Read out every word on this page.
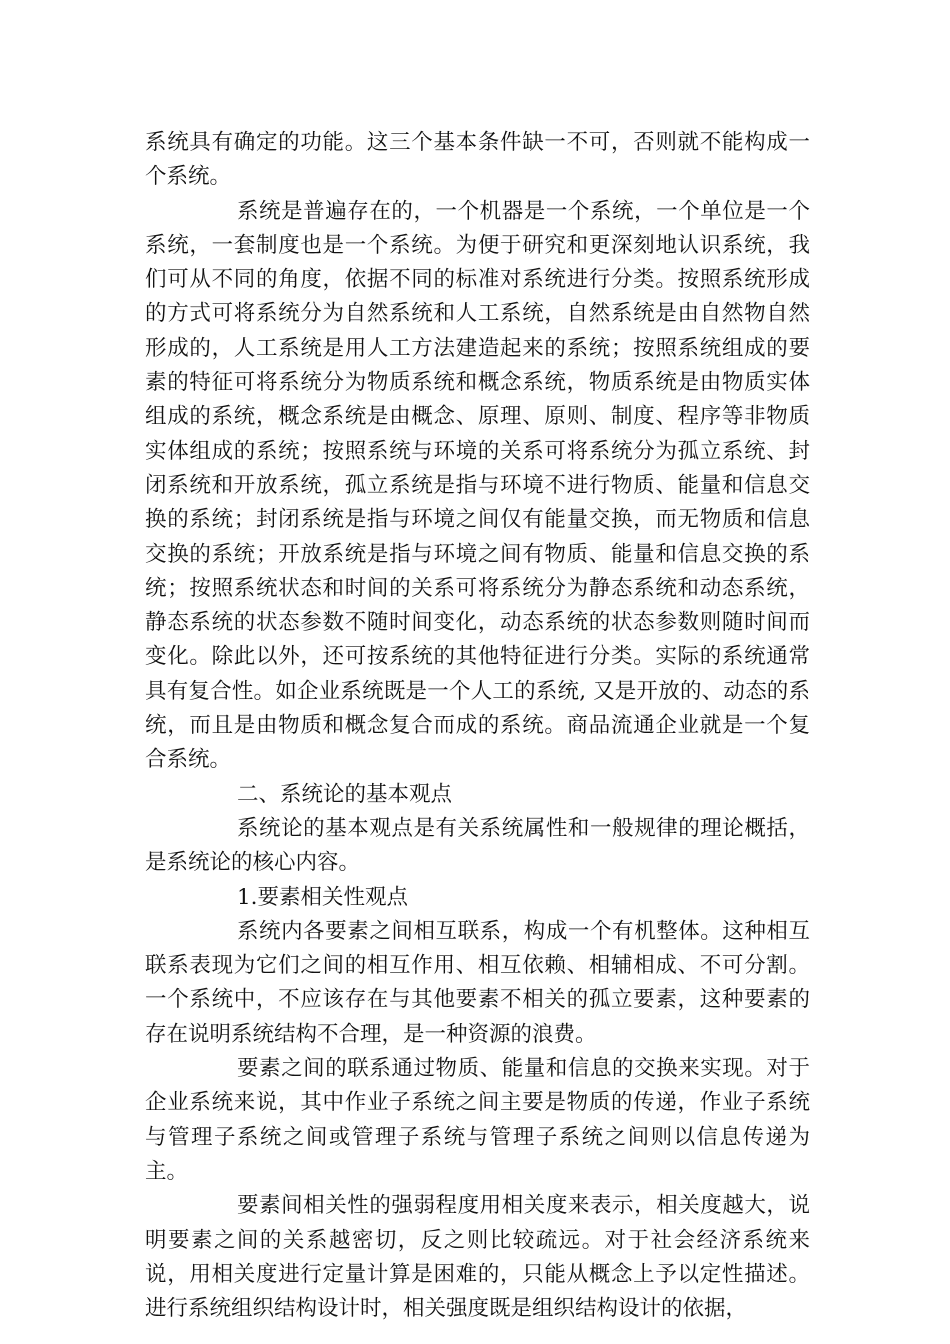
系统具有确定的功能。这三个基本条件缺一不可，否则就不能构成一个系统。

系统是普遍存在的，一个机器是一个系统，一个单位是一个系统，一套制度也是一个系统。为便于研究和更深刻地认识系统，我们可从不同的角度，依据不同的标准对系统进行分类。按照系统形成的方式可将系统分为自然系统和人工系统，自然系统是由自然物自然形成的，人工系统是用人工方法建造起来的系统；按照系统组成的要素的特征可将系统分为物质系统和概念系统，物质系统是由物质实体组成的系统，概念系统是由概念、原理、原则、制度、程序等非物质实体组成的系统；按照系统与环境的关系可将系统分为孤立系统、封闭系统和开放系统，孤立系统是指与环境不进行物质、能量和信息交换的系统；封闭系统是指与环境之间仅有能量交换，而无物质和信息交换的系统；开放系统是指与环境之间有物质、能量和信息交换的系统；按照系统状态和时间的关系可将系统分为静态系统和动态系统，静态系统的状态参数不随时间变化，动态系统的状态参数则随时间而变化。除此以外，还可按系统的其他特征进行分类。实际的系统通常具有复合性。如企业系统既是一个人工的系统, 又是开放的、动态的系统，而且是由物质和概念复合而成的系统。商品流通企业就是一个复合系统。

二、系统论的基本观点

系统论的基本观点是有关系统属性和一般规律的理论概括，是系统论的核心内容。

1.要素相关性观点

系统内各要素之间相互联系，构成一个有机整体。这种相互联系表现为它们之间的相互作用、相互依赖、相辅相成、不可分割。一个系统中，不应该存在与其他要素不相关的孤立要素，这种要素的存在说明系统结构不合理，是一种资源的浪费。

要素之间的联系通过物质、能量和信息的交换来实现。对于企业系统来说，其中作业子系统之间主要是物质的传递，作业子系统与管理子系统之间或管理子系统与管理子系统之间则以信息传递为主。

要素间相关性的强弱程度用相关度来表示，相关度越大，说明要素之间的关系越密切，反之则比较疏远。对于社会经济系统来说，用相关度进行定量计算是困难的，只能从概念上予以定性描述。进行系统组织结构设计时，相关强度既是组织结构设计的依据，
